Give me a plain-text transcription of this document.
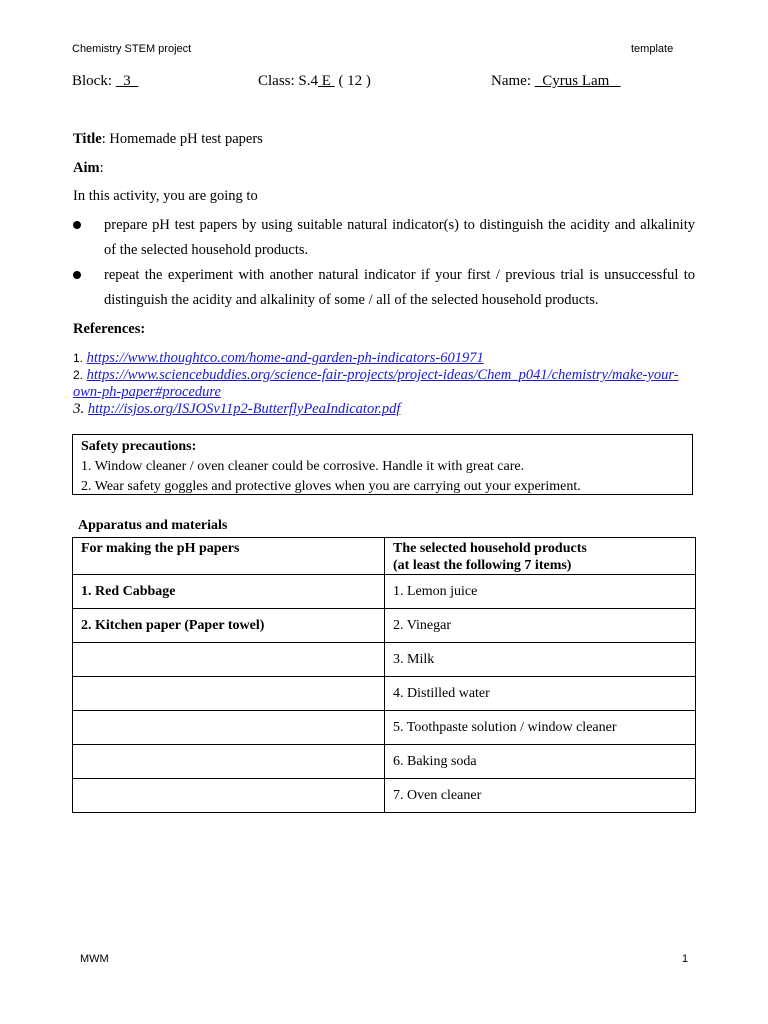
Chemistry STEM project	template
Block: 3	Class: S.4 E ( 12 )	Name: Cyrus Lam
Title: Homemade pH test papers
Aim:
In this activity, you are going to
prepare pH test papers by using suitable natural indicator(s) to distinguish the acidity and alkalinity of the selected household products.
repeat the experiment with another natural indicator if your first / previous trial is unsuccessful to distinguish the acidity and alkalinity of some / all of the selected household products.
References:
1. https://www.thoughtco.com/home-and-garden-ph-indicators-601971
2. https://www.sciencebuddies.org/science-fair-projects/project-ideas/Chem_p041/chemistry/make-your-own-ph-paper#procedure
3. http://isjos.org/ISJOSv11p2-ButterflyPeaIndicator.pdf
Safety precautions:
1. Window cleaner / oven cleaner could be corrosive. Handle it with great care.
2. Wear safety goggles and protective gloves when you are carrying out your experiment.
Apparatus and materials
For making the pH papers	The selected household products
(at least the following 7 items)

1. Red Cabbage	1. Lemon juice
2. Kitchen paper (Paper towel)	2. Vinegar
	3. Milk
	4. Distilled water
	5. Toothpaste solution / window cleaner
	6. Baking soda
	7. Oven cleaner
MWM	1
